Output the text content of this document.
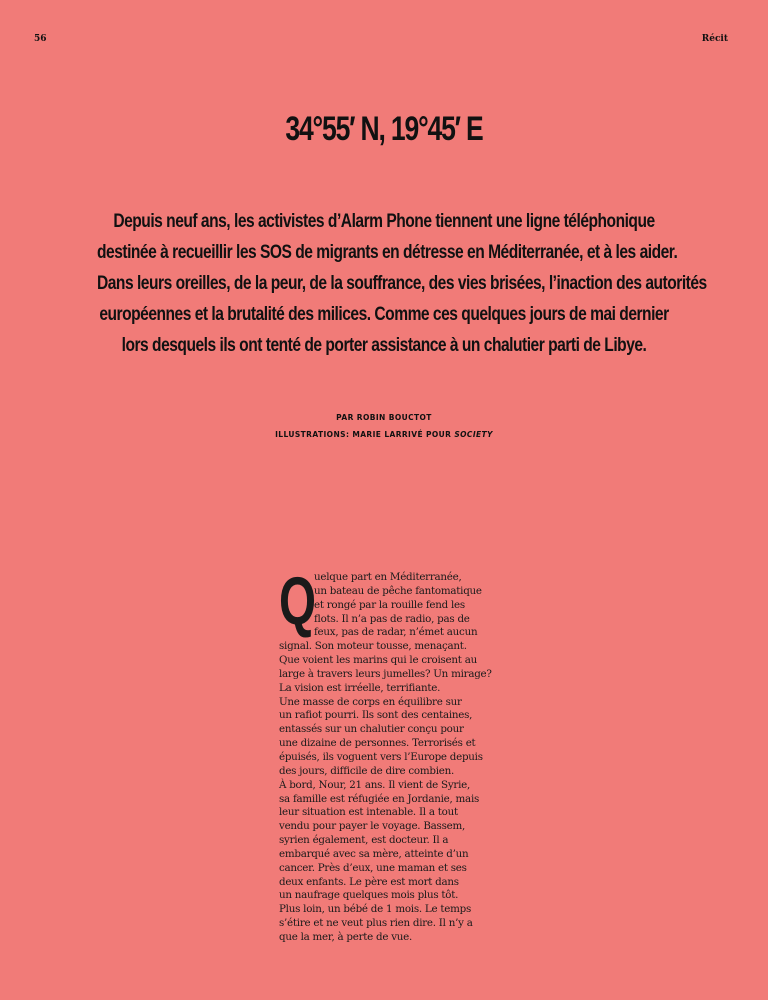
56	Récit
34°55′ N, 19°45′ E

Depuis neuf ans, les activistes d’Alarm Phone tiennent une ligne téléphonique
destinée à recueillir les SOS de migrants en détresse en Méditerranée, et à les aider.
Dans leurs oreilles, de la peur, de la souffrance, des vies brisées, l’inaction des autorités
européennes et la brutalité des milices. Comme ces quelques jours de mai dernier
lors desquels ils ont tenté de porter assistance à un chalutier parti de Libye.

PAR ROBIN BOUCTOT
ILLUSTRATIONS: MARIE LARRIVÉ POUR SOCIETY
Q
uelque part en Méditerranée,
un bateau de pêche fantomatique
et rongé par la rouille fend les
flots. Il n’a pas de radio, pas de
feux, pas de radar, n’émet aucun
signal. Son moteur tousse, menaçant.
Que voient les marins qui le croisent au
large à travers leurs jumelles? Un mirage?
La vision est irréelle, terrifiante.
Une masse de corps en équilibre sur
un rafiot pourri. Ils sont des centaines,
entassés sur un chalutier conçu pour
une dizaine de personnes. Terrorisés et
épuisés, ils voguent vers l’Europe depuis
des jours, difficile de dire combien.
À bord, Nour, 21 ans. Il vient de Syrie,
sa famille est réfugiée en Jordanie, mais
leur situation est intenable. Il a tout
vendu pour payer le voyage. Bassem,
syrien également, est docteur. Il a
embarqué avec sa mère, atteinte d’un
cancer. Près d’eux, une maman et ses
deux enfants. Le père est mort dans
un naufrage quelques mois plus tôt.
Plus loin, un bébé de 1 mois. Le temps
s’étire et ne veut plus rien dire. Il n’y a
que la mer, à perte de vue.
